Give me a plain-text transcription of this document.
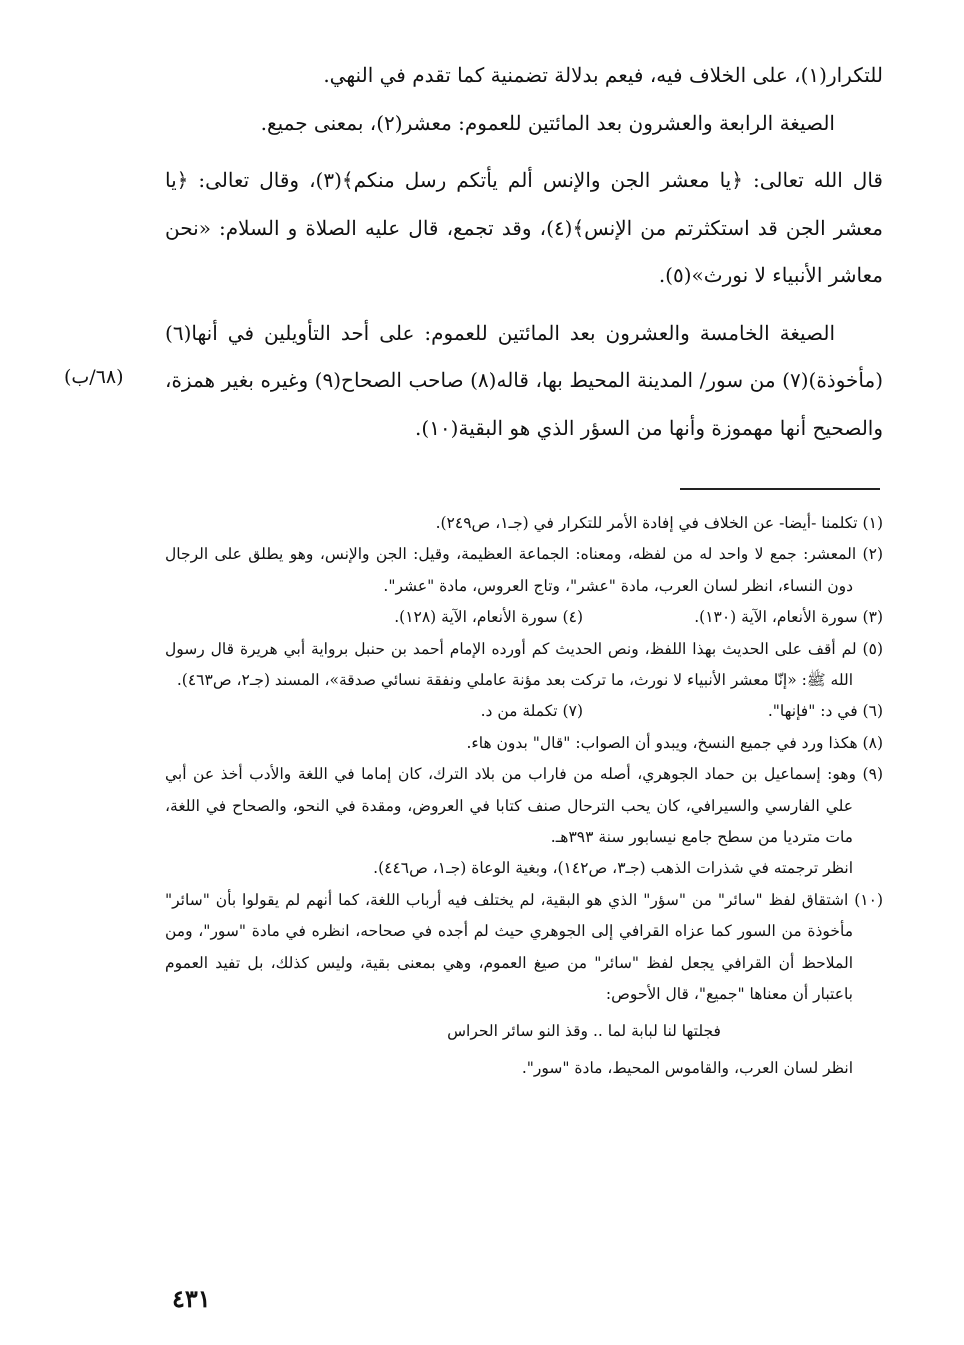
للتكرار(١)، على الخلاف فيه، فيعم بدلالة تضمنية كما تقدم في النهي.

الصيغة الرابعة والعشرون بعد المائتين للعموم: معشر(٢)، بمعنى جميع.

قال الله تعالى: ﴿يا معشر الجن والإنس ألم يأتكم رسل منكم﴾(٣)، وقال تعالى: ﴿يا معشر الجن قد استكثرتم من الإنس﴾(٤)، وقد تجمع، قال عليه الصلاة و السلام: «نحن معاشر الأنبياء لا نورث»(٥).

الصيغة الخامسة والعشرون بعد المائتين للعموم: على أحد التأويلين في أنها(٦) (مأخوذة)(٧) من سور/ المدينة المحيط بها، قاله(٨) صاحب الصحاح(٩) وغيره بغير همزة، والصحيح أنها مهموزة وأنها من السؤر الذي هو البقية(١٠).

(٦٨/ب)

(١) تكلمنا -أيضا- عن الخلاف في إفادة الأمر للتكرار في (جـ١، ص٢٤٩).

(٢) المعشر: جمع لا واحد له من لفظه، ومعناه: الجماعة العظيمة، وقيل: الجن والإنس، وهو يطلق على الرجال دون النساء، انظر لسان العرب، مادة "عشر"، وتاج العروس، مادة "عشر".

(٣) سورة الأنعام، الآية (١٣٠).
(٤) سورة الأنعام، الآية (١٢٨).

(٥) لم أقف على الحديث بهذا اللفظ، ونص الحديث كم أورده الإمام أحمد بن حنبل برواية أبي هريرة قال رسول الله ﷺ: «إنّا معشر الأنبياء لا نورث، ما تركت بعد مؤنة عاملي ونفقة نسائي صدقة»، المسند (جـ٢، ص٤٦٣).

(٦) في د: "فإنها".
(٧) تكملة من د.

(٨) هكذا ورد في جميع النسخ، ويبدو أن الصواب: "قال" بدون هاء.

(٩) وهو: إسماعيل بن حماد الجوهري، أصله من فاراب من بلاد الترك، كان إماما في اللغة والأدب أخذ عن أبي علي الفارسي والسيرافي، كان يحب الترحال صنف كتابا في العروض، ومقدة في النحو، والصحاح في اللغة، مات مترديا من سطح جامع نيسابور سنة ٣٩٣هـ.

انظر ترجمته في شذرات الذهب (جـ٣، ص١٤٢)، وبغية الوعاة (جـ١، ص٤٤٦).

(١٠) اشتقاق لفظ "سائر" من "سؤر" الذي هو البقية، لم يختلف فيه أرباب اللغة، كما أنهم لم يقولوا بأن "سائر" مأخوذة من السور كما عزاه القرافي إلى الجوهري حيث لم أجده في صحاحه، انظره في مادة "سور"، ومن الملاحظ أن القرافي يجعل لفظ "سائر" من صيغ العموم، وهي بمعنى بقية، وليس كذلك، بل تفيد العموم باعتبار أن معناها "جميع"، قال الأحوص:

فجلتها لنا لبابة لما .. وقذ النو سائر الحراس

انظر لسان العرب، والقاموس المحيط، مادة "سور".

٤٣١
